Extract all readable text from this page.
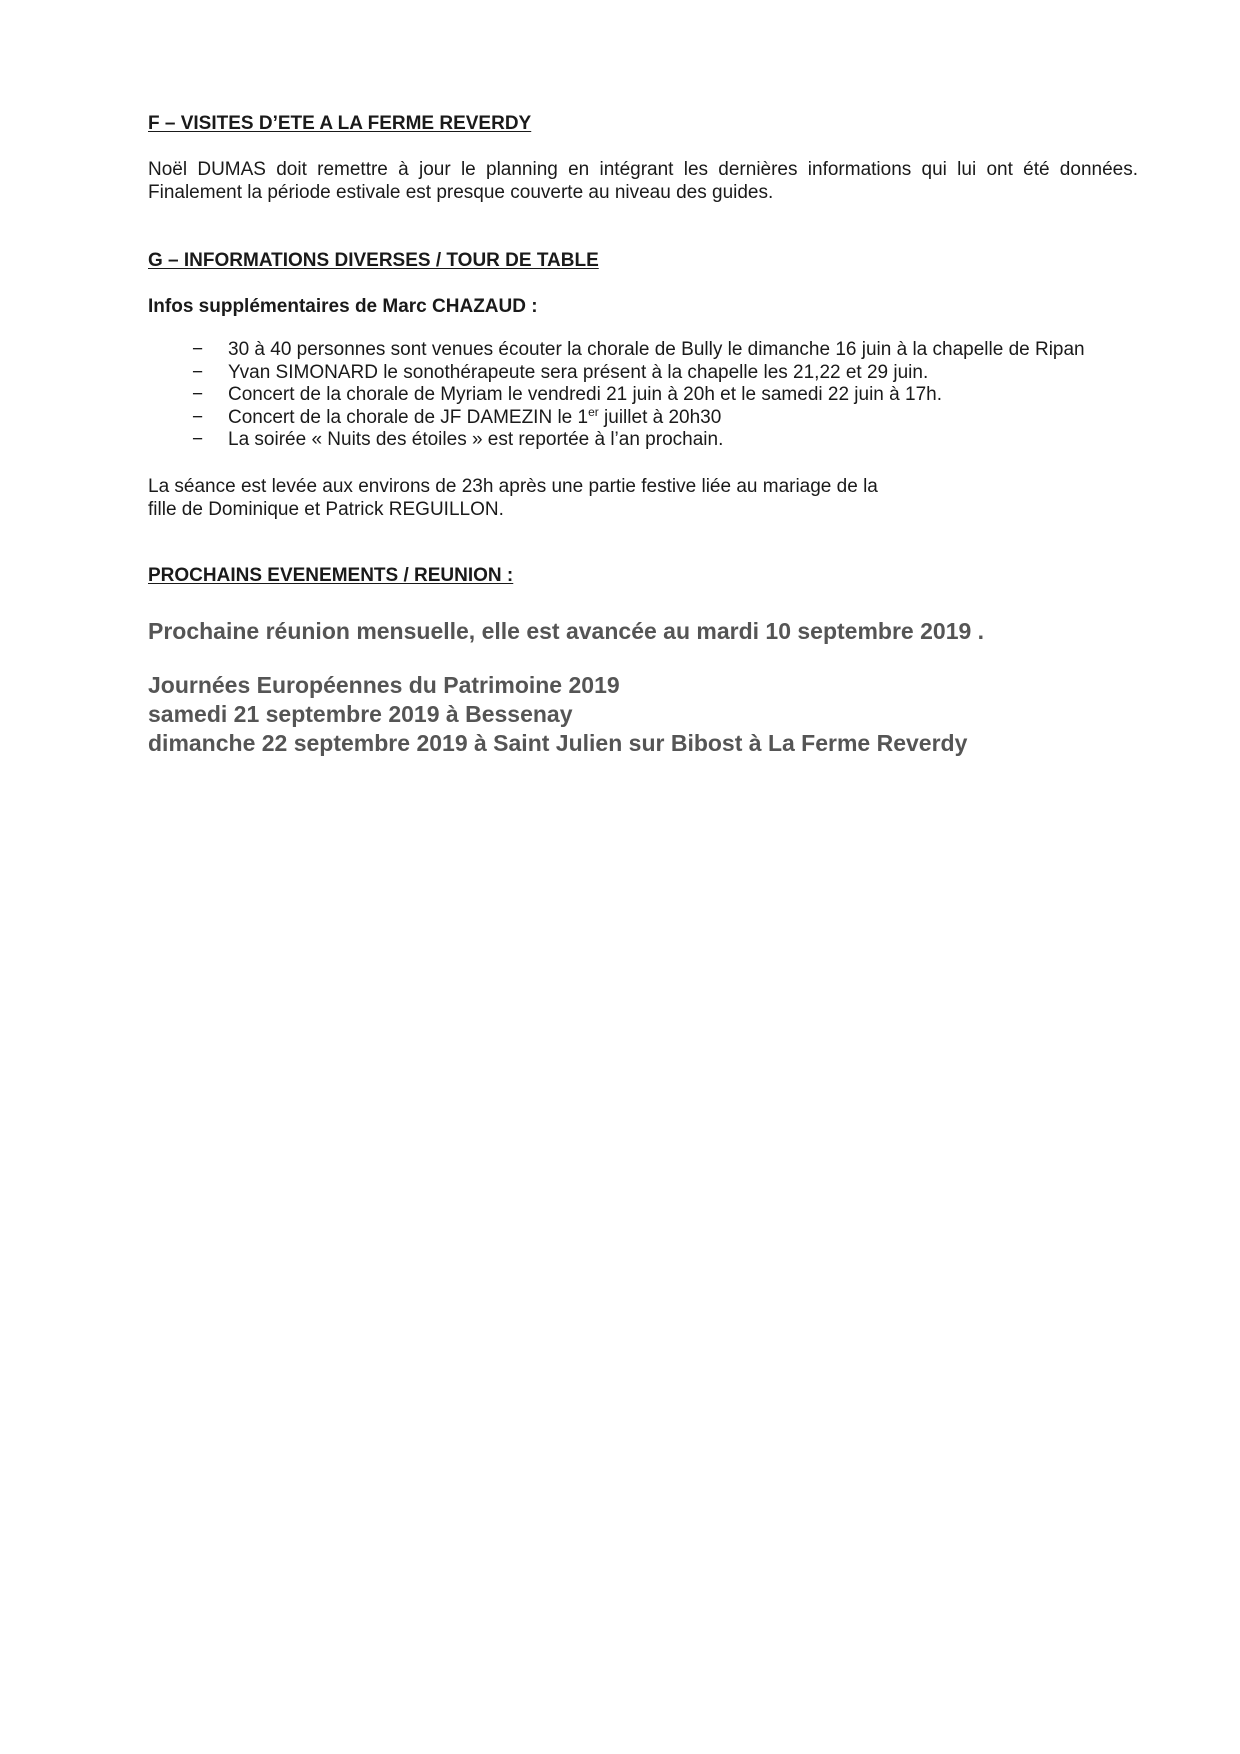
F – VISITES D’ETE A LA FERME REVERDY

Noël DUMAS doit remettre à jour le planning en intégrant les dernières informations qui lui ont été données. Finalement la période estivale est presque couverte au niveau des guides.

G – INFORMATIONS DIVERSES / TOUR DE TABLE

Infos supplémentaires de Marc CHAZAUD :

− 30 à 40 personnes sont venues écouter la chorale de Bully le dimanche 16 juin à la chapelle de Ripan
− Yvan SIMONARD le sonothérapeute sera présent à la chapelle les 21,22 et 29 juin.
− Concert de la chorale de Myriam le vendredi 21 juin à 20h et le samedi 22 juin à 17h.
− Concert de la chorale de JF DAMEZIN le 1er juillet à 20h30
− La soirée « Nuits des étoiles » est reportée à l’an prochain.

La séance est levée aux environs de 23h après une partie festive liée au mariage de la

fille de Dominique et Patrick REGUILLON.

PROCHAINS EVENEMENTS / REUNION :

Prochaine réunion mensuelle, elle est avancée au mardi 10 septembre 2019 .

Journées Européennes du Patrimoine 2019

samedi 21 septembre 2019 à Bessenay

dimanche 22 septembre 2019 à Saint Julien sur Bibost à La Ferme Reverdy
